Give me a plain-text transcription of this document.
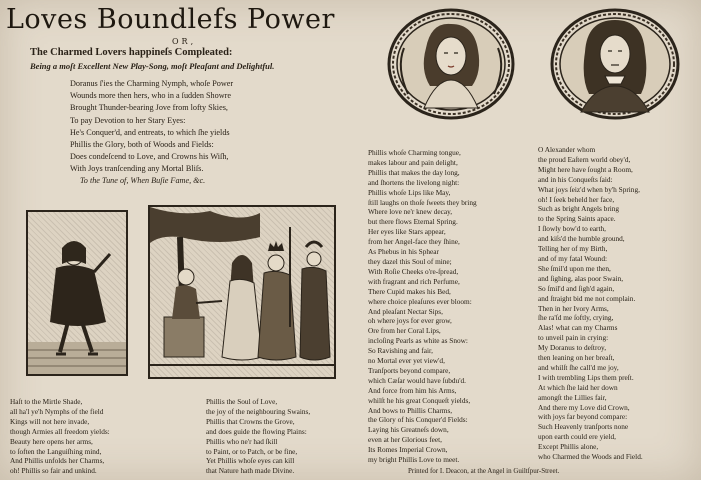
Loves Boundlefs Power
OR,
The Charmed Lovers happineſs Compleated:
Being a moſt Excellent New Play-Song, moſt Pleaſant and Delightful.
Doranus ſ'ies the Charming Nymph, whoſe Power
Wounds more then hers, who in a ſudden Showre
Brought Thunder-bearing Jove from lofty Skies,
To pay Devotion to her Stary Eyes:
He's Conquer'd, and entreats, to which ſhe yields
Phillis the Glory, both of Woods and Fields:
Does condeſcend to Love, and Crowns his Wiſh,
With Joys tranſcending any Mortal Bliſs.
To the Tune of, When Buſie Fame, &c.
Haſt to the Mirtle Shade,
all ha'l ye'h Nymphs of the field
Kings will not here invade,
though Armies all freedom yields:
Beauty here opens her arms,
to ſoften the Languiſhing mind,
And Phillis unfolds her Charms,
oh! Phillis so fair and unkind.
Phillis the Soul of Love,
the joy of the neighbouring Swains,
Phillis that Crowns the Grove,
and does guide the flowing Plains:
Phillis who ne'r had ſkill
to Paint, or to Patch, or be fine,
Yet Phillis whoſe eyes can kill
that Nature hath made Divine.
Phillis whoſe Charming tongue,
makes labour and pain delight,
Phillis that makes the day long,
and ſhortens the livelong night:
Phillis whoſe Lips like May,
ſtill laughs on thoſe ſweets they bring
Where love ne'r knew decay,
but there flows Eternal Spring.
Her eyes like Stars appear,
from her Angel-face they ſhine,
As Phebus in his Sphear
they dazel this Soul of mine;
With Roſie Cheeks o're-ſpread,
with fragrant and rich Perfume,
There Cupid makes his Bed,
where choice pleaſures ever bloom:
And pleaſant Nectar Sips,
oh where joys for ever grow,
Ore from her Coral Lips,
incloſing Pearls as white as Snow:
So Ravishing and fair,
no Mortal ever yet view'd,
Tranſports beyond compare,
which Cæſar would have ſubdu'd.
And force from him his Arms,
whilſt he his great Conqueſt yields,
And bows to Phillis Charms,
the Glory of his Conquer'd Fields:
Laying his Greatneſs down,
even at her Glorious feet,
Its Romes Imperial Crown,
my bright Phillis Love to meet.
O Alexander whom
the proud Eaſtern world obey'd,
Might here have ſought a Room,
and in his Conqueſts ſaid:
What joys ſeiz'd when by'h Spring,
oh! I ſeek beheld her face,
Such as bright Angels bring
to the Spring Saints apace.
I ſlowly bow'd to earth,
and kiſs'd the humble ground,
Telling her of my Birth,
and of my fatal Wound:
She ſmil'd upon me then,
and ſighing, alas poor Swain,
So ſmil'd and ſigh'd again,
and ſtraight bid me not complain.
Then in her Ivory Arms,
ſhe ra'ſd me ſoftly, crying,
Alas! what can my Charms
to unveil pain in crying:
My Doranus to deſtroy,
then leaning on her breaſt,
and whilſt ſhe call'd me joy,
I with trembling Lips them preſt.
At which ſhe laid her down
amongſt the Lillies fair,
And there my Love did Crown,
with joys far beyond compare:
Such Heavenly tranſports none
upon earth could ere yield,
Except Phillis alone,
who Charmed the Woods and Field.
Printed for I. Deacon, at the Angel in Guiltſpur-Street.
